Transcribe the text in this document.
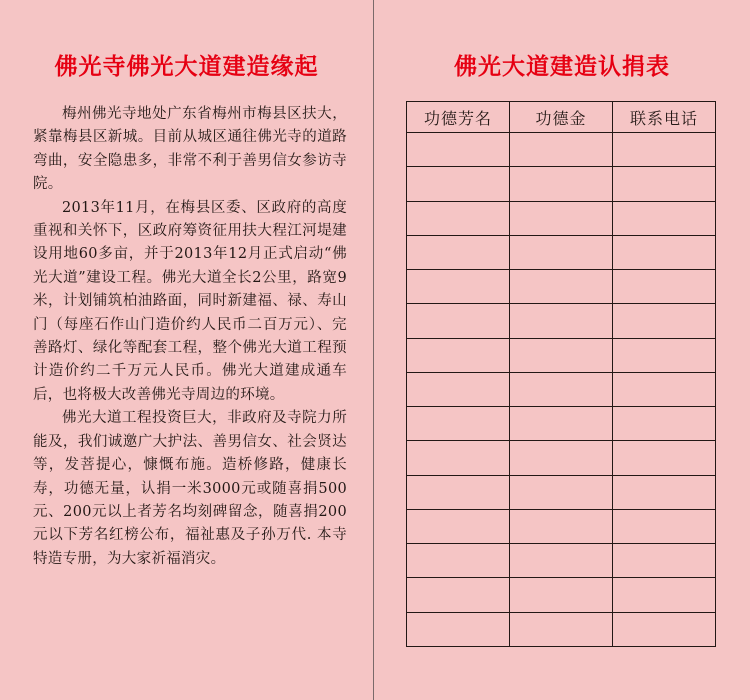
佛光寺佛光大道建造缘起

梅州佛光寺地处广东省梅州市梅县区扶大，紧靠梅县区新城。目前从城区通往佛光寺的道路弯曲，安全隐患多，非常不利于善男信女参访寺院。

2013年11月，在梅县区委、区政府的高度重视和关怀下，区政府筹资征用扶大程江河堤建设用地60多亩，并于2013年12月正式启动“佛光大道”建设工程。佛光大道全长2公里，路宽9米，计划铺筑柏油路面，同时新建福、禄、寿山门（每座石作山门造价约人民币二百万元）、完善路灯、绿化等配套工程，整个佛光大道工程预计造价约二千万元人民币。佛光大道建成通车后，也将极大改善佛光寺周边的环境。

佛光大道工程投资巨大，非政府及寺院力所能及，我们诚邀广大护法、善男信女、社会贤达等，发菩提心，慷慨布施。造桥修路，健康长寿，功德无量，认捐一米3000元或随喜捐500元、200元以上者芳名均刻碑留念，随喜捐200元以下芳名红榜公布，福祉惠及子孙万代. 本寺特造专册，为大家祈福消灾。

佛光大道建造认捐表
功德芳名	功德金	联系电话
